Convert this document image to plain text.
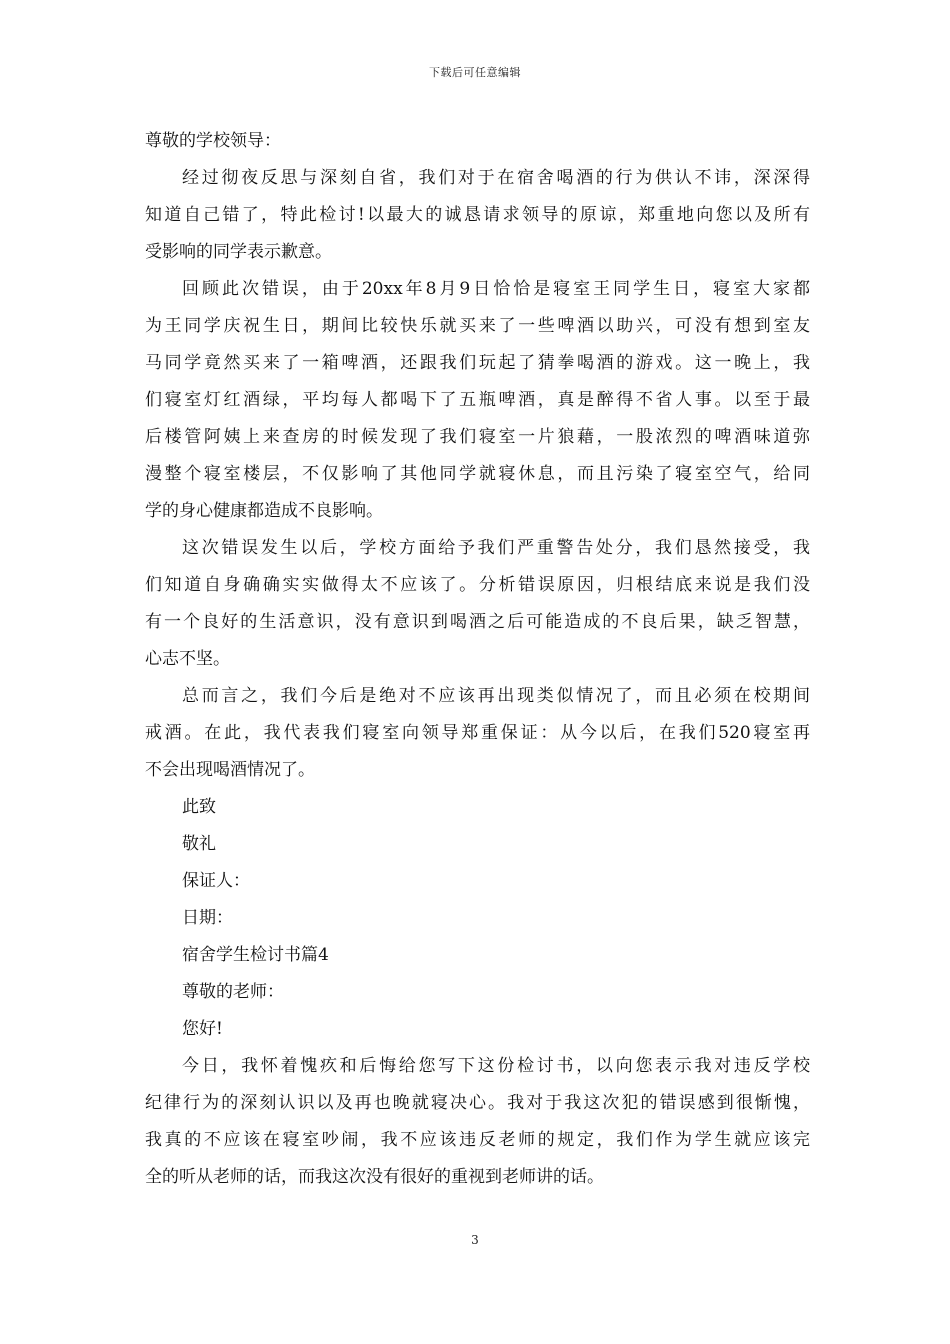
下载后可任意编辑

尊敬的学校领导：

经过彻夜反思与深刻自省，我们对于在宿舍喝酒的行为供认不讳，深深得

知道自己错了，特此检讨!以最大的诚恳请求领导的原谅，郑重地向您以及所有

受影响的同学表示歉意。

回顾此次错误，由于20xx年8月9日恰恰是寝室王同学生日，寝室大家都

为王同学庆祝生日，期间比较快乐就买来了一些啤酒以助兴，可没有想到室友

马同学竟然买来了一箱啤酒，还跟我们玩起了猜拳喝酒的游戏。这一晚上，我

们寝室灯红酒绿，平均每人都喝下了五瓶啤酒，真是醉得不省人事。以至于最

后楼管阿姨上来查房的时候发现了我们寝室一片狼藉，一股浓烈的啤酒味道弥

漫整个寝室楼层，不仅影响了其他同学就寝休息，而且污染了寝室空气，给同

学的身心健康都造成不良影响。

这次错误发生以后，学校方面给予我们严重警告处分，我们恳然接受，我

们知道自身确确实实做得太不应该了。分析错误原因，归根结底来说是我们没

有一个良好的生活意识，没有意识到喝酒之后可能造成的不良后果，缺乏智慧，

心志不坚。

总而言之，我们今后是绝对不应该再出现类似情况了，而且必须在校期间

戒酒。在此，我代表我们寝室向领导郑重保证：从今以后，在我们520寝室再

不会出现喝酒情况了。

此致

敬礼

保证人：

日期：

宿舍学生检讨书篇4

尊敬的老师：

您好!

今日，我怀着愧疚和后悔给您写下这份检讨书，以向您表示我对违反学校

纪律行为的深刻认识以及再也晚就寝决心。我对于我这次犯的错误感到很惭愧，

我真的不应该在寝室吵闹，我不应该违反老师的规定，我们作为学生就应该完

全的听从老师的话，而我这次没有很好的重视到老师讲的话。

3
